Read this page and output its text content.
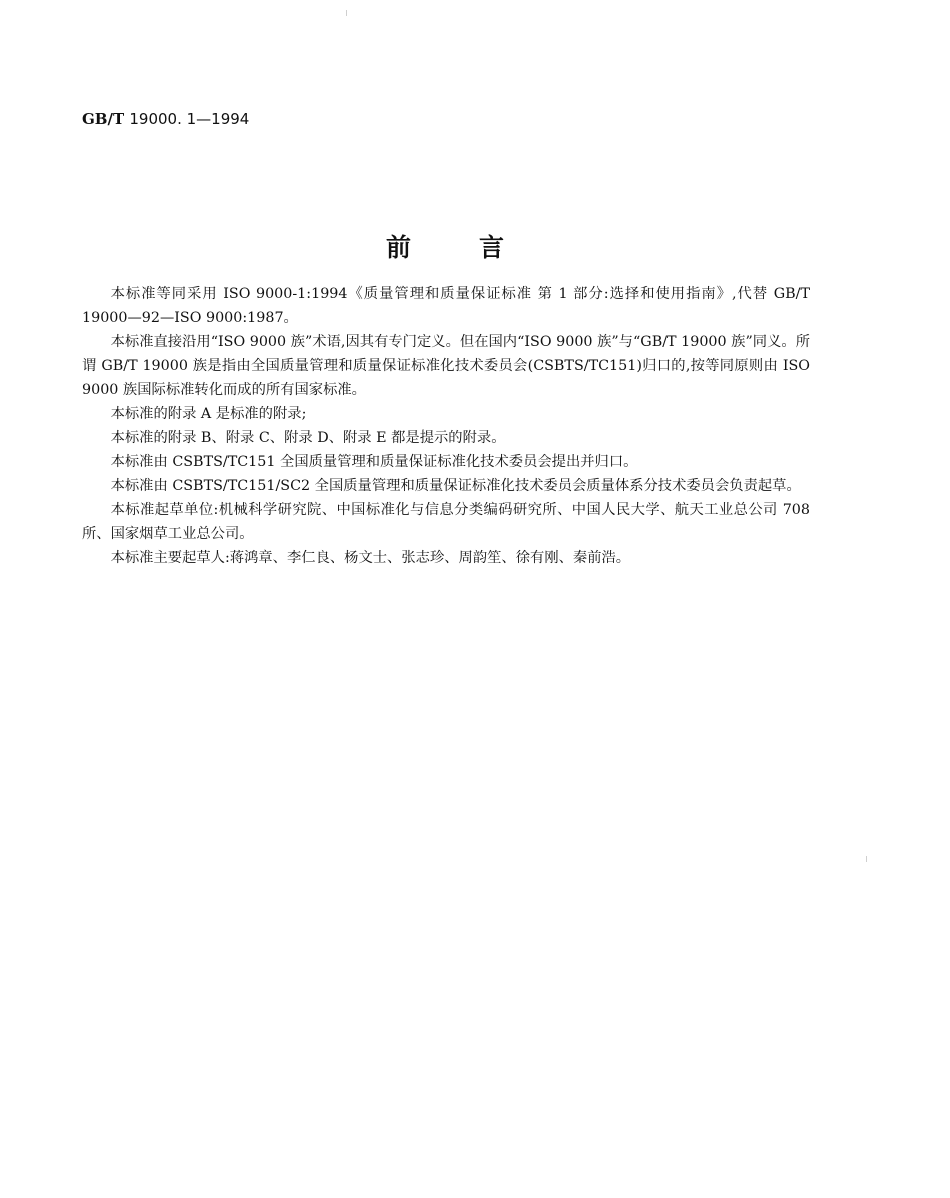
GB/T 19000. 1—1994
前言

本标准等同采用 ISO 9000-1:1994《质量管理和质量保证标准 第 1 部分:选择和使用指南》,代替 GB/T 19000—92—ISO 9000:1987。

本标准直接沿用“ISO 9000 族”术语,因其有专门定义。但在国内“ISO 9000 族”与“GB/T 19000 族”同义。所谓 GB/T 19000 族是指由全国质量管理和质量保证标准化技术委员会(CSBTS/TC151)归口的,按等同原则由 ISO 9000 族国际标准转化而成的所有国家标准。

本标准的附录 A 是标准的附录;

本标准的附录 B、附录 C、附录 D、附录 E 都是提示的附录。

本标准由 CSBTS/TC151 全国质量管理和质量保证标准化技术委员会提出并归口。

本标准由 CSBTS/TC151/SC2 全国质量管理和质量保证标准化技术委员会质量体系分技术委员会负责起草。

本标准起草单位:机械科学研究院、中国标准化与信息分类编码研究所、中国人民大学、航天工业总公司 708 所、国家烟草工业总公司。

本标准主要起草人:蒋鸿章、李仁良、杨文士、张志珍、周韵笙、徐有刚、秦前浩。
